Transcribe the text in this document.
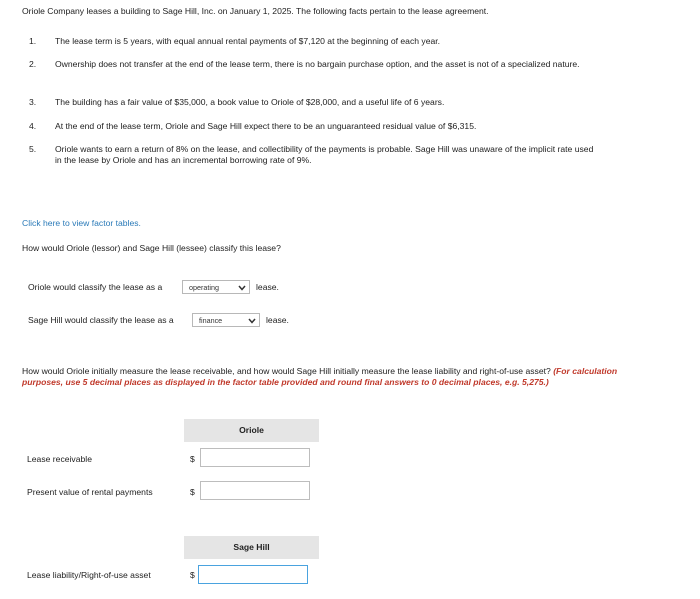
Oriole Company leases a building to Sage Hill, Inc. on January 1, 2025. The following facts pertain to the lease agreement.
1. The lease term is 5 years, with equal annual rental payments of $7,120 at the beginning of each year.
2. Ownership does not transfer at the end of the lease term, there is no bargain purchase option, and the asset is not of a specialized nature.
3. The building has a fair value of $35,000, a book value to Oriole of $28,000, and a useful life of 6 years.
4. At the end of the lease term, Oriole and Sage Hill expect there to be an unguaranteed residual value of $6,315.
5. Oriole wants to earn a return of 8% on the lease, and collectibility of the payments is probable. Sage Hill was unaware of the implicit rate used in the lease by Oriole and has an incremental borrowing rate of 9%.
Click here to view factor tables.
How would Oriole (lessor) and Sage Hill (lessee) classify this lease?
Oriole would classify the lease as a	operating	lease.
Sage Hill would classify the lease as a	finance	lease.
How would Oriole initially measure the lease receivable, and how would Sage Hill initially measure the lease liability and right-of-use asset? (For calculation purposes, use 5 decimal places as displayed in the factor table provided and round final answers to 0 decimal places, e.g. 5,275.)
Oriole
Lease receivable	$
Present value of rental payments	$
Sage Hill
Lease liability/Right-of-use asset	$
